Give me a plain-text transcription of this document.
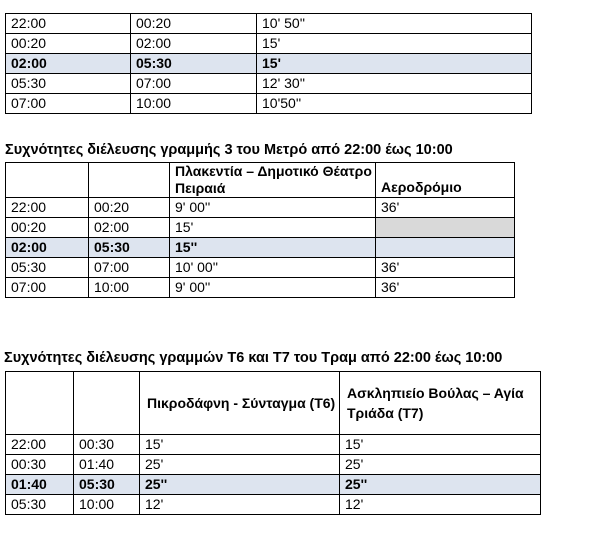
22:00	00:20	10' 50''
00:20	02:00	15'
02:00	05:30	15'
05:30	07:00	12' 30''
07:00	10:00	10'50''
Συχνότητες διέλευσης γραμμής 3 του Μετρό από 22:00 έως 10:00
		Πλακεντία – Δημοτικό Θέατρο Πειραιά	Αεροδρόμιο
22:00	00:20	9' 00''	36'
00:20	02:00	15'	
02:00	05:30	15''	
05:30	07:00	10' 00''	36'
07:00	10:00	9' 00''	36'
Συχνότητες διέλευσης γραμμών Τ6 και Τ7 του Τραμ από 22:00 έως 10:00
		Πικροδάφνη - Σύνταγμα (Τ6)	Ασκληπιείο Βούλας – Αγία Τριάδα (Τ7)
22:00	00:30	15'	15'
00:30	01:40	25'	25'
01:40	05:30	25''	25''
05:30	10:00	12'	12'
